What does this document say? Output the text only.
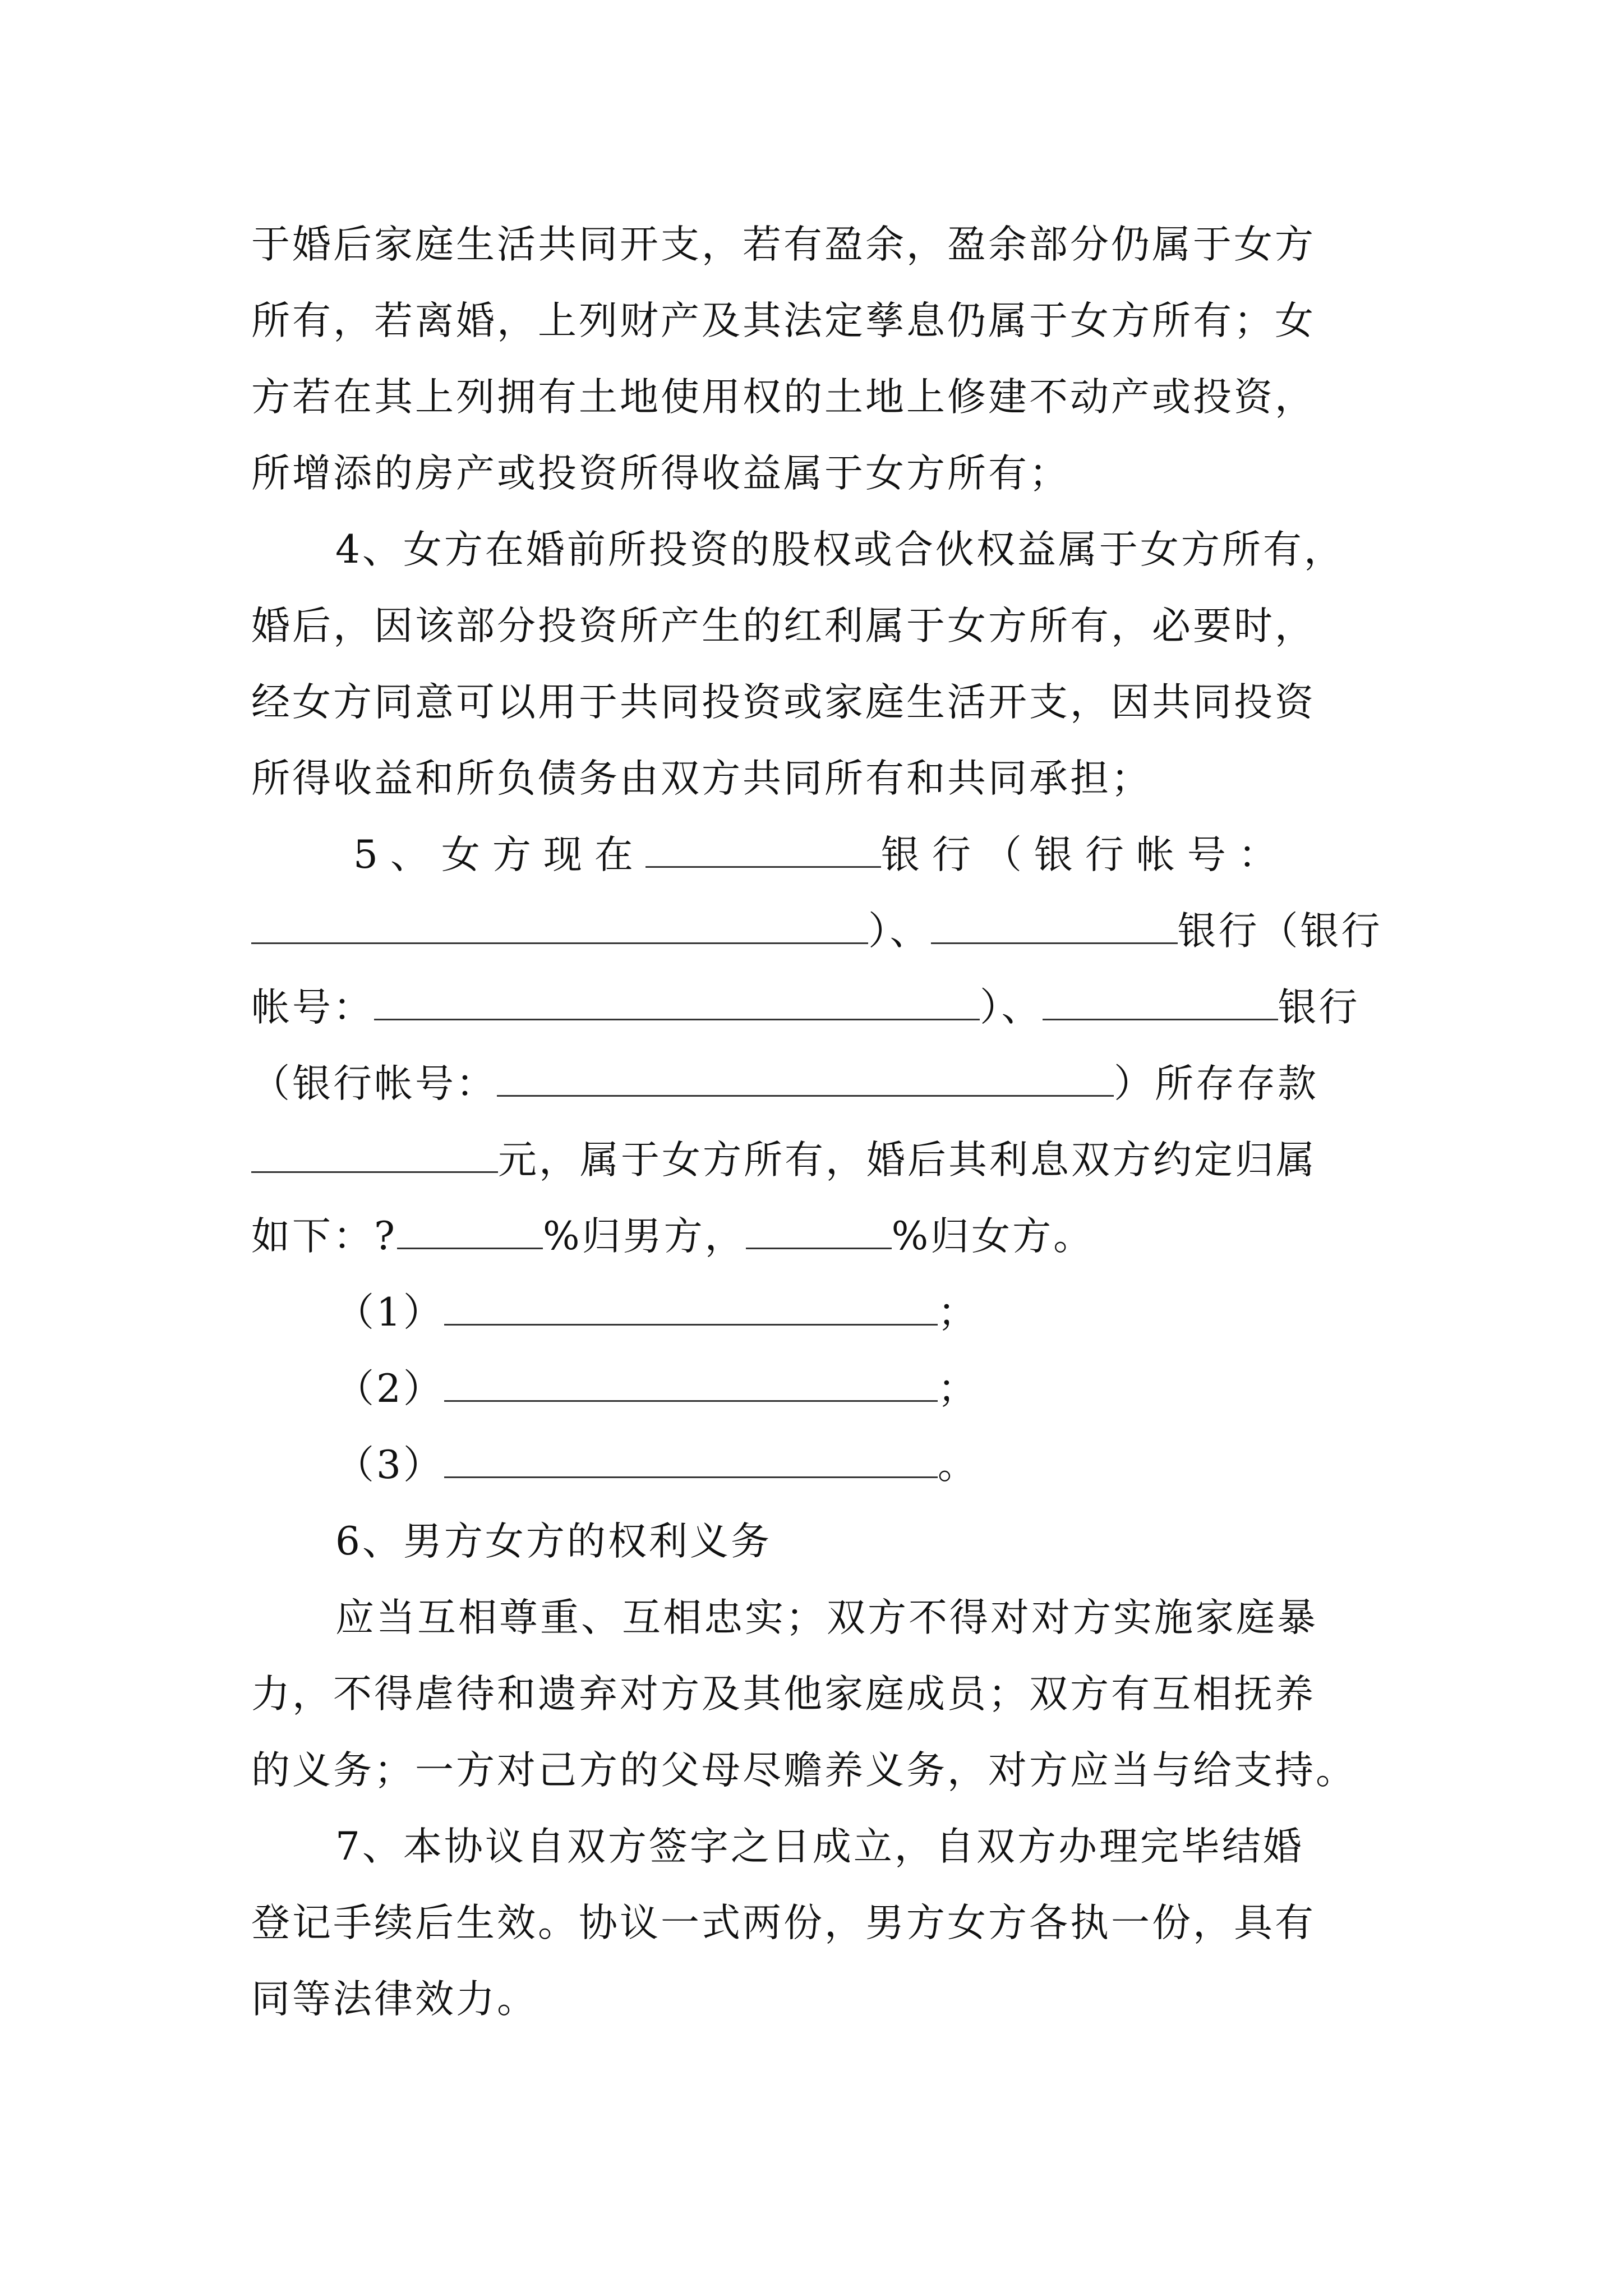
于婚后家庭生活共同开支，若有盈余，盈余部分仍属于女方
所有，若离婚，上列财产及其法定孳息仍属于女方所有；女
方若在其上列拥有土地使用权的土地上修建不动产或投资，
所增添的房产或投资所得收益属于女方所有；
4、女方在婚前所投资的股权或合伙权益属于女方所有，
婚后，因该部分投资所产生的红利属于女方所有，必要时，
经女方同意可以用于共同投资或家庭生活开支，因共同投资
所得收益和所负债务由双方共同所有和共同承担；
5、女方现在	银行（银行帐号：
）、	银行（银行
帐号：	）、	银行
（银行帐号：	）所存存款
元，属于女方所有，婚后其利息双方约定归属
如下：?	%归男方，	%归女方。
（1）	；
（2）	；
（3）	。
6、男方女方的权利义务
应当互相尊重、互相忠实；双方不得对对方实施家庭暴
力，不得虐待和遗弃对方及其他家庭成员；双方有互相抚养
的义务；一方对己方的父母尽赡养义务，对方应当与给支持。
7、本协议自双方签字之日成立，自双方办理完毕结婚
登记手续后生效。协议一式两份，男方女方各执一份，具有
同等法律效力。
